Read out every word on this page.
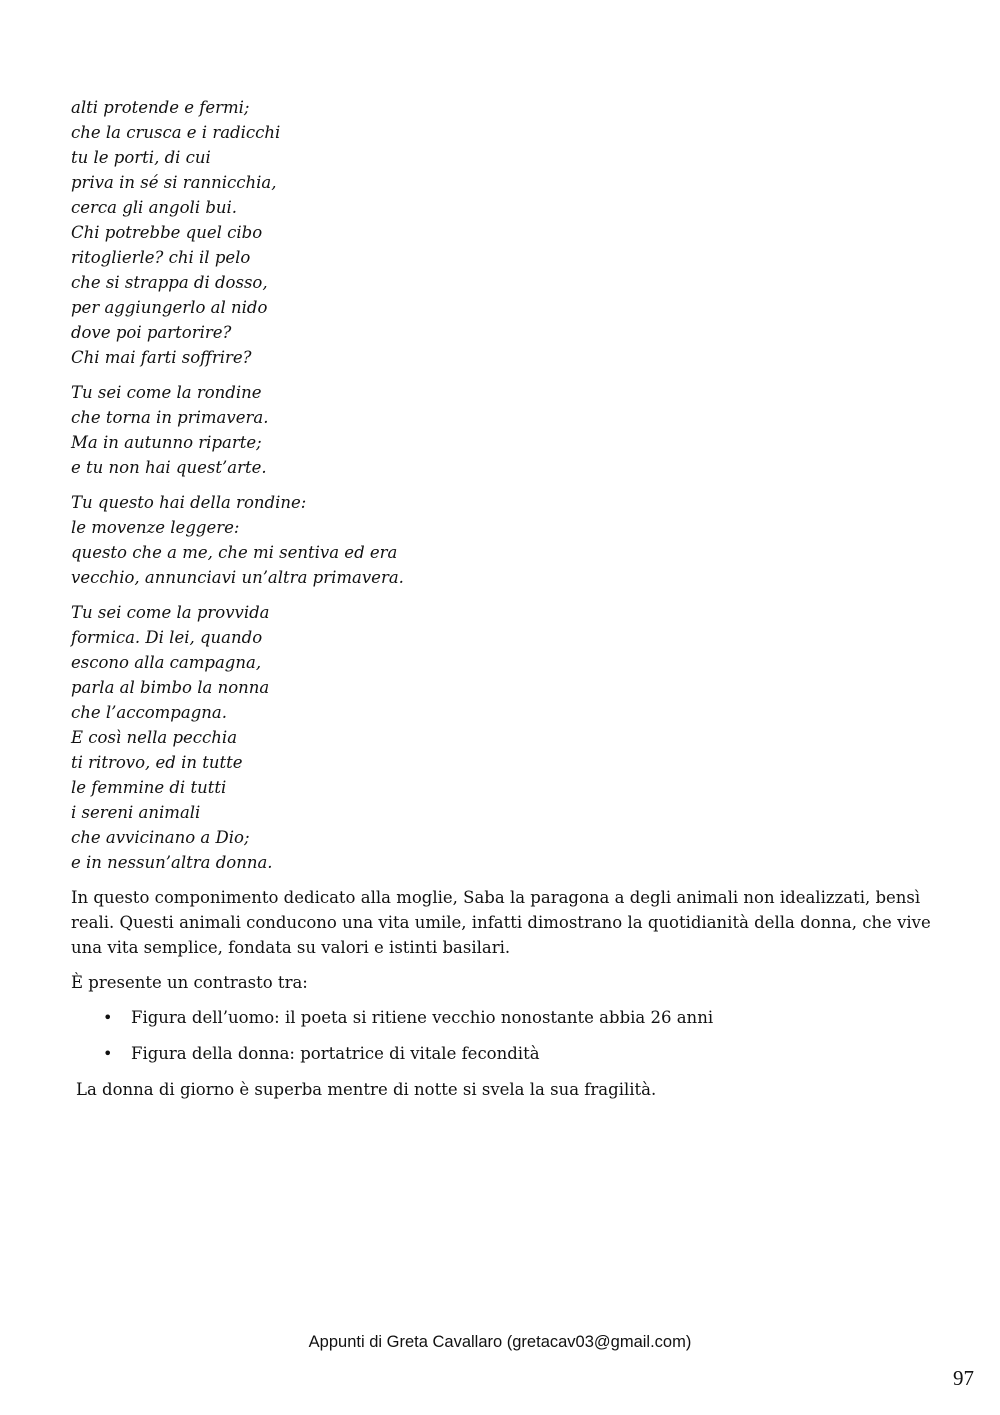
alti protende e fermi;
che la crusca e i radicchi
tu le porti, di cui
priva in sé si rannicchia,
cerca gli angoli bui.
Chi potrebbe quel cibo
ritoglierle? chi il pelo
che si strappa di dosso,
per aggiungerlo al nido
dove poi partorire?
Chi mai farti soffrire?
Tu sei come la rondine
che torna in primavera.
Ma in autunno riparte;
e tu non hai quest’arte.
Tu questo hai della rondine:
le movenze leggere:
questo che a me, che mi sentiva ed era
vecchio, annunciavi un’altra primavera.
Tu sei come la provvida
formica. Di lei, quando
escono alla campagna,
parla al bimbo la nonna
che l’accompagna.
E così nella pecchia
ti ritrovo, ed in tutte
le femmine di tutti
i sereni animali
che avvicinano a Dio;
e in nessun’altra donna.

In questo componimento dedicato alla moglie, Saba la paragona a degli animali non idealizzati, bensì reali. Questi animali conducono una vita umile, infatti dimostrano la quotidianità della donna, che vive una vita semplice, fondata su valori e istinti basilari.

È presente un contrasto tra:

• Figura dell’uomo: il poeta si ritiene vecchio nonostante abbia 26 anni
• Figura della donna: portatrice di vitale fecondità

La donna di giorno è superba mentre di notte si svela la sua fragilità.

Appunti di Greta Cavallaro (gretacav03@gmail.com)
97
